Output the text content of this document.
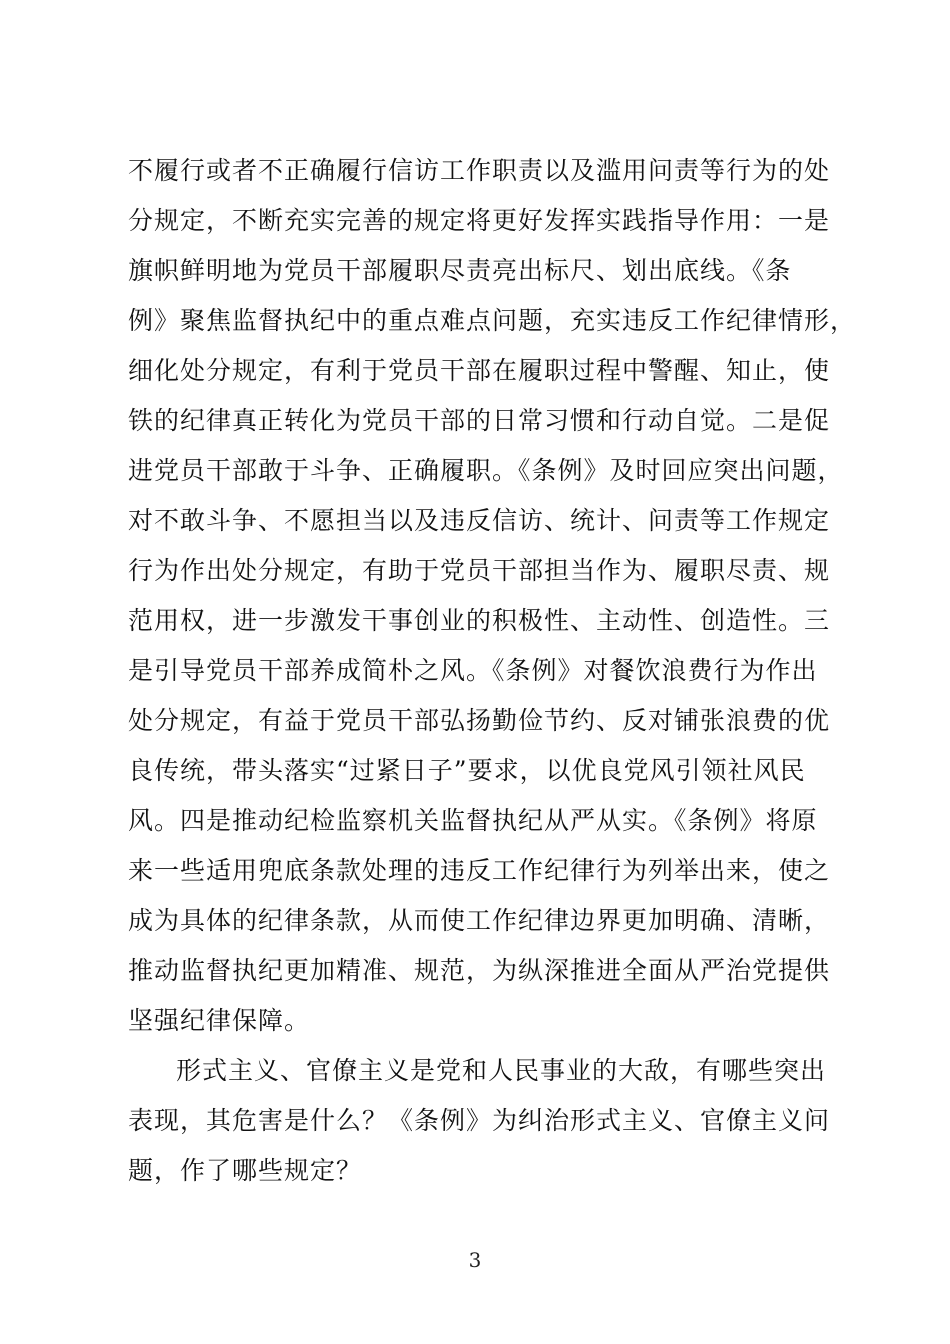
不履行或者不正确履行信访工作职责以及滥用问责等行为的处
分规定，不断充实完善的规定将更好发挥实践指导作用：一是
旗帜鲜明地为党员干部履职尽责亮出标尺、划出底线。《条
例》聚焦监督执纪中的重点难点问题，充实违反工作纪律情形，
细化处分规定，有利于党员干部在履职过程中警醒、知止，使
铁的纪律真正转化为党员干部的日常习惯和行动自觉。二是促
进党员干部敢于斗争、正确履职。《条例》及时回应突出问题，
对不敢斗争、不愿担当以及违反信访、统计、问责等工作规定
行为作出处分规定，有助于党员干部担当作为、履职尽责、规
范用权，进一步激发干事创业的积极性、主动性、创造性。三
是引导党员干部养成简朴之风。《条例》对餐饮浪费行为作出
处分规定，有益于党员干部弘扬勤俭节约、反对铺张浪费的优
良传统，带头落实“过紧日子”要求，以优良党风引领社风民
风。四是推动纪检监察机关监督执纪从严从实。《条例》将原
来一些适用兜底条款处理的违反工作纪律行为列举出来，使之
成为具体的纪律条款，从而使工作纪律边界更加明确、清晰，
推动监督执纪更加精准、规范，为纵深推进全面从严治党提供
坚强纪律保障。
形式主义、官僚主义是党和人民事业的大敌，有哪些突出
表现，其危害是什么？《条例》为纠治形式主义、官僚主义问
题，作了哪些规定？
3
